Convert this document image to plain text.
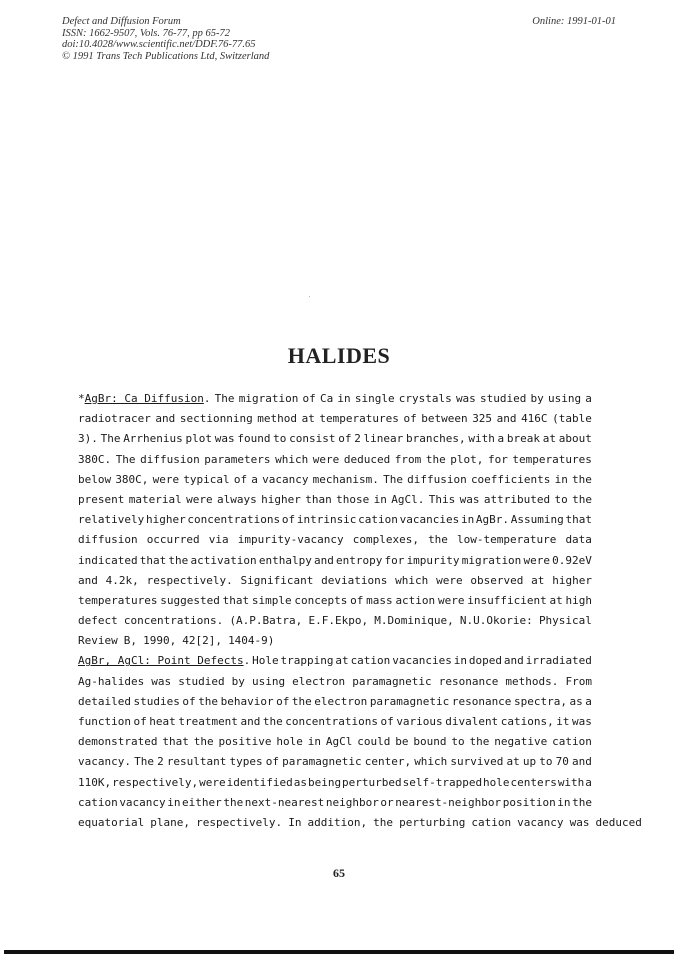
Defect and Diffusion Forum
ISSN: 1662-9507, Vols. 76-77, pp 65-72
doi:10.4028/www.scientific.net/DDF.76-77.65
© 1991 Trans Tech Publications Ltd, Switzerland
Online: 1991-01-01
HALIDES
*AgBr: Ca Diffusion. The migration of Ca in single crystals was studied by using a
radiotracer and sectionning method at temperatures of between 325 and 416C (table
3). The Arrhenius plot was found to consist of 2 linear branches, with a break at about
380C. The diffusion parameters which were deduced from the plot, for temperatures
below 380C, were typical of a vacancy mechanism. The diffusion coefficients in the
present material were always higher than those in AgCl. This was attributed to the
relatively higher concentrations of intrinsic cation vacancies in AgBr. Assuming that
diffusion occurred via impurity-vacancy complexes, the low-temperature data
indicated that the activation enthalpy and entropy for impurity migration were 0.92eV
and 4.2k, respectively. Significant deviations which were observed at higher
temperatures suggested that simple concepts of mass action were insufficient at high
defect concentrations. (A.P.Batra, E.F.Ekpo, M.Dominique, N.U.Okorie: Physical
Review B, 1990, 42[2], 1404-9)
AgBr, AgCl: Point Defects. Hole trapping at cation vacancies in doped and irradiated
Ag-halides was studied by using electron paramagnetic resonance methods. From
detailed studies of the behavior of the electron paramagnetic resonance spectra, as a
function of heat treatment and the concentrations of various divalent cations, it was
demonstrated that the positive hole in AgCl could be bound to the negative cation
vacancy. The 2 resultant types of paramagnetic center, which survived at up to 70 and
110K, respectively, were identified as being perturbed self-trapped hole centers with a
cation vacancy in either the next-nearest neighbor or nearest-neighbor position in the
equatorial plane, respectively. In addition, the perturbing cation vacancy was deduced
65
